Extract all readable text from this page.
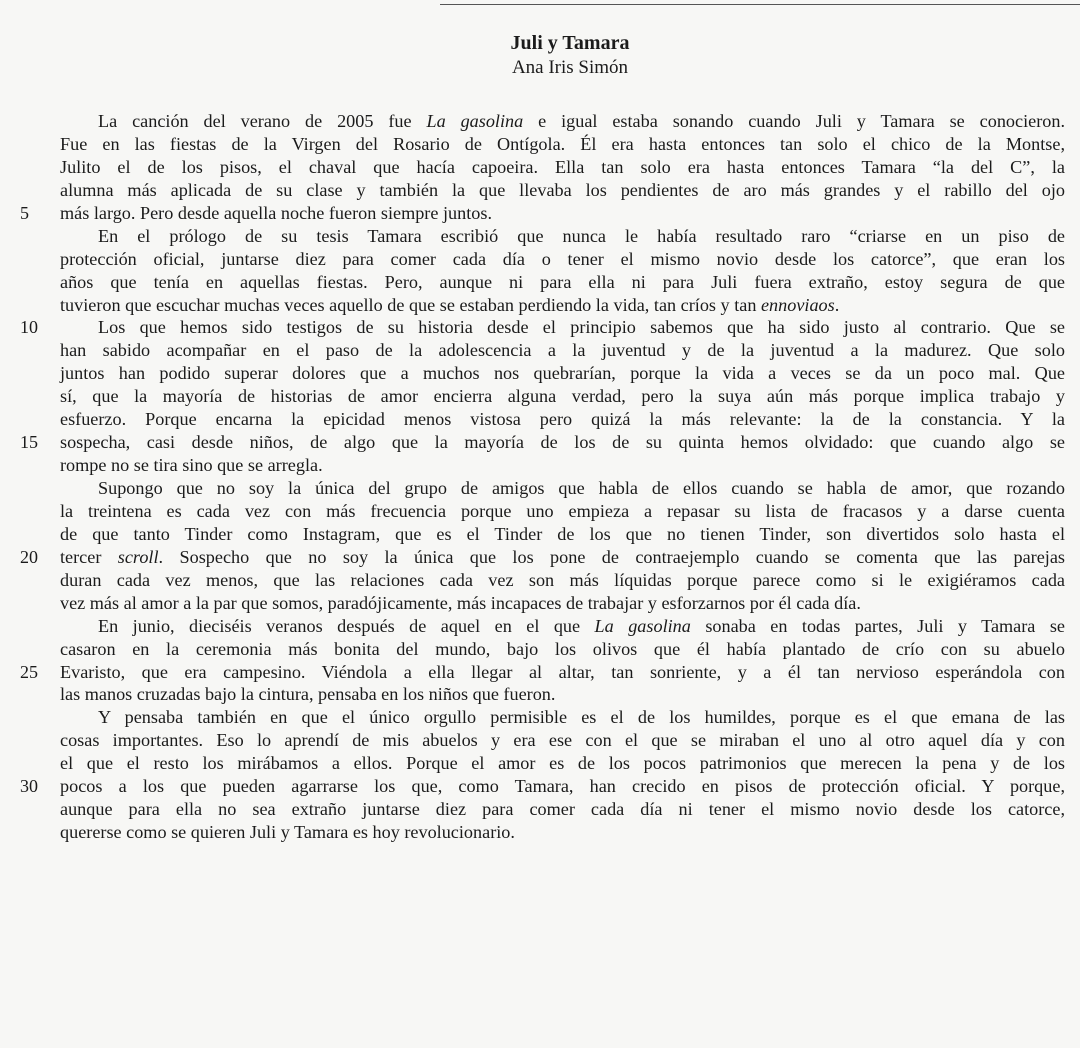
Juli y Tamara
Ana Iris Simón
La canción del verano de 2005 fue La gasolina e igual estaba sonando cuando Juli y Tamara se conocieron.
Fue en las fiestas de la Virgen del Rosario de Ontígola. Él era hasta entonces tan solo el chico de la Montse,
Julito el de los pisos, el chaval que hacía capoeira. Ella tan solo era hasta entonces Tamara “la del C”, la
alumna más aplicada de su clase y también la que llevaba los pendientes de aro más grandes y el rabillo del ojo
5 más largo. Pero desde aquella noche fueron siempre juntos.
En el prólogo de su tesis Tamara escribió que nunca le había resultado raro “criarse en un piso de
protección oficial, juntarse diez para comer cada día o tener el mismo novio desde los catorce”, que eran los
años que tenía en aquellas fiestas. Pero, aunque ni para ella ni para Juli fuera extraño, estoy segura de que
tuvieron que escuchar muchas veces aquello de que se estaban perdiendo la vida, tan críos y tan ennoviaos.
10	Los que hemos sido testigos de su historia desde el principio sabemos que ha sido justo al contrario. Que se
han sabido acompañar en el paso de la adolescencia a la juventud y de la juventud a la madurez. Que solo
juntos han podido superar dolores que a muchos nos quebrarían, porque la vida a veces se da un poco mal. Que
sí, que la mayoría de historias de amor encierra alguna verdad, pero la suya aún más porque implica trabajo y
esfuerzo. Porque encarna la epicidad menos vistosa pero quizá la más relevante: la de la constancia. Y la
15 sospecha, casi desde niños, de algo que la mayoría de los de su quinta hemos olvidado: que cuando algo se
rompe no se tira sino que se arregla.
Supongo que no soy la única del grupo de amigos que habla de ellos cuando se habla de amor, que rozando
la treintena es cada vez con más frecuencia porque uno empieza a repasar su lista de fracasos y a darse cuenta
de que tanto Tinder como Instagram, que es el Tinder de los que no tienen Tinder, son divertidos solo hasta el
20 tercer scroll. Sospecho que no soy la única que los pone de contraejemplo cuando se comenta que las parejas
duran cada vez menos, que las relaciones cada vez son más líquidas porque parece como si le exigiéramos cada
vez más al amor a la par que somos, paradójicamente, más incapaces de trabajar y esforzarnos por él cada día.
En junio, dieciséis veranos después de aquel en el que La gasolina sonaba en todas partes, Juli y Tamara se
casaron en la ceremonia más bonita del mundo, bajo los olivos que él había plantado de crío con su abuelo
25 Evaristo, que era campesino. Viéndola a ella llegar al altar, tan sonriente, y a él tan nervioso esperándola con
las manos cruzadas bajo la cintura, pensaba en los niños que fueron.
Y pensaba también en que el único orgullo permisible es el de los humildes, porque es el que emana de las
cosas importantes. Eso lo aprendí de mis abuelos y era ese con el que se miraban el uno al otro aquel día y con
el que el resto los mirábamos a ellos. Porque el amor es de los pocos patrimonios que merecen la pena y de los
30 pocos a los que pueden agarrarse los que, como Tamara, han crecido en pisos de protección oficial. Y porque,
aunque para ella no sea extraño juntarse diez para comer cada día ni tener el mismo novio desde los catorce,
quererse como se quieren Juli y Tamara es hoy revolucionario.
